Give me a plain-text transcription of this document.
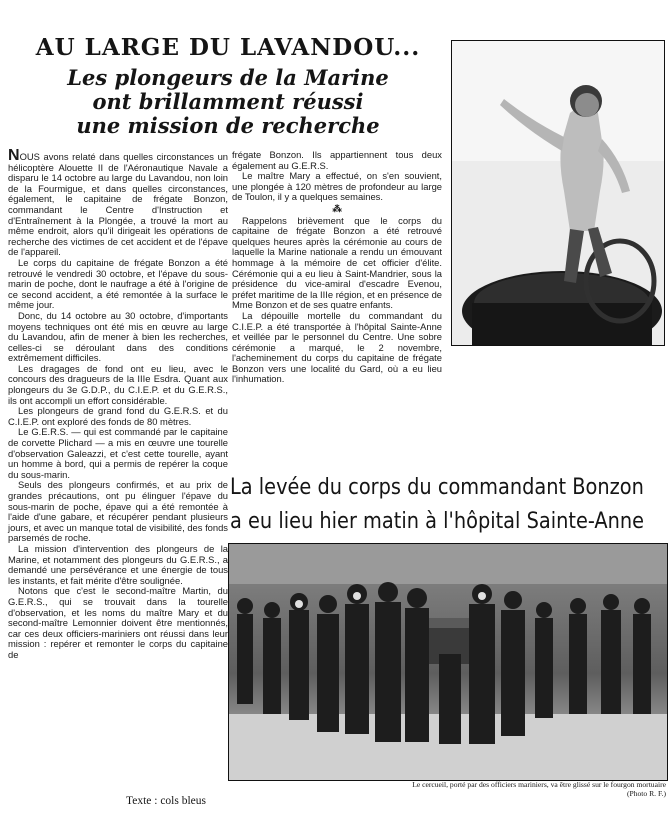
AU LARGE DU LAVANDOU...
Les plongeurs de la Marine
ont brillamment réussi
une mission de recherche

NOUS avons relaté dans quelles circonstances un hélicoptère Alouette II de l'Aéronautique Navale a disparu le 14 octobre au large du Lavandou, non loin de la Fourmigue, et dans quelles circonstances, également, le capitaine de frégate Bonzon, commandant le Centre d'Instruction et d'Entraînement à la Plongée, a trouvé la mort au même endroit, alors qu'il dirigeait les opérations de recherche des victimes de cet accident et de l'épave de l'appareil.

Le corps du capitaine de frégate Bonzon a été retrouvé le vendredi 30 octobre, et l'épave du sous-marin de poche, dont le naufrage a été à l'origine de ce second accident, a été remontée à la surface le même jour.

Donc, du 14 octobre au 30 octobre, d'importants moyens techniques ont été mis en œuvre au large du Lavandou, afin de mener à bien les recherches, celles-ci se déroulant dans des conditions extrêmement difficiles.

Les dragages de fond ont eu lieu, avec le concours des dragueurs de la IIIe Esdra. Quant aux plongeurs du 3e G.D.P., du C.I.E.P. et du G.E.R.S., ils ont accompli un effort considérable.

Les plongeurs de grand fond du G.E.R.S. et du C.I.E.P. ont exploré des fonds de 80 mètres.

Le G.E.R.S. — qui est commandé par le capitaine de corvette Plichard — a mis en œuvre une tourelle d'observation Galeazzi, et c'est cette tourelle, ayant un homme à bord, qui a permis de repérer la coque du sous-marin.

Seuls des plongeurs confirmés, et au prix de grandes précautions, ont pu élinguer l'épave du sous-marin de poche, épave qui a été remontée à l'aide d'une gabare, et récupérer pendant plusieurs jours, et avec un manque total de visibilité, des fonds parsemés de roche.

La mission d'intervention des plongeurs de la Marine, et notamment des plongeurs du G.E.R.S., a demandé une persévérance et une énergie de tous les instants, et fait mérite d'être soulignée.

Notons que c'est le second-maître Martin, du G.E.R.S., qui se trouvait dans la tourelle d'observation, et les noms du maître Mary et du second-maître Lemonnier doivent être mentionnés, car ces deux officiers-mariniers ont réussi dans leur mission : repérer et remonter le corps du capitaine de

frégate Bonzon. Ils appartiennent tous deux également au G.E.R.S.

Le maître Mary a effectué, on s'en souvient, une plongée à 120 mètres de profondeur au large de Toulon, il y a quelques semaines.

⁂

Rappelons brièvement que le corps du capitaine de frégate Bonzon a été retrouvé quelques heures après la cérémonie au cours de laquelle la Marine nationale a rendu un émouvant hommage à la mémoire de cet officier d'élite. Cérémonie qui a eu lieu à Saint-Mandrier, sous la présidence du vice-amiral d'escadre Evenou, préfet maritime de la IIIe région, et en présence de Mme Bonzon et de ses quatre enfants.

La dépouille mortelle du commandant du C.I.E.P. a été transportée à l'hôpital Sainte-Anne et veillée par le personnel du Centre. Une sobre cérémonie a marqué, le 2 novembre, l'acheminement du corps du capitaine de frégate Bonzon vers une localité du Gard, où a eu lieu l'inhumation.

La levée du corps du commandant Bonzon
a eu lieu hier matin à l'hôpital Sainte-Anne
Le cercueil, porté par des officiers mariniers, va être glissé sur le fourgon mortuaire
(Photo R. F.)
Texte : cols bleus
